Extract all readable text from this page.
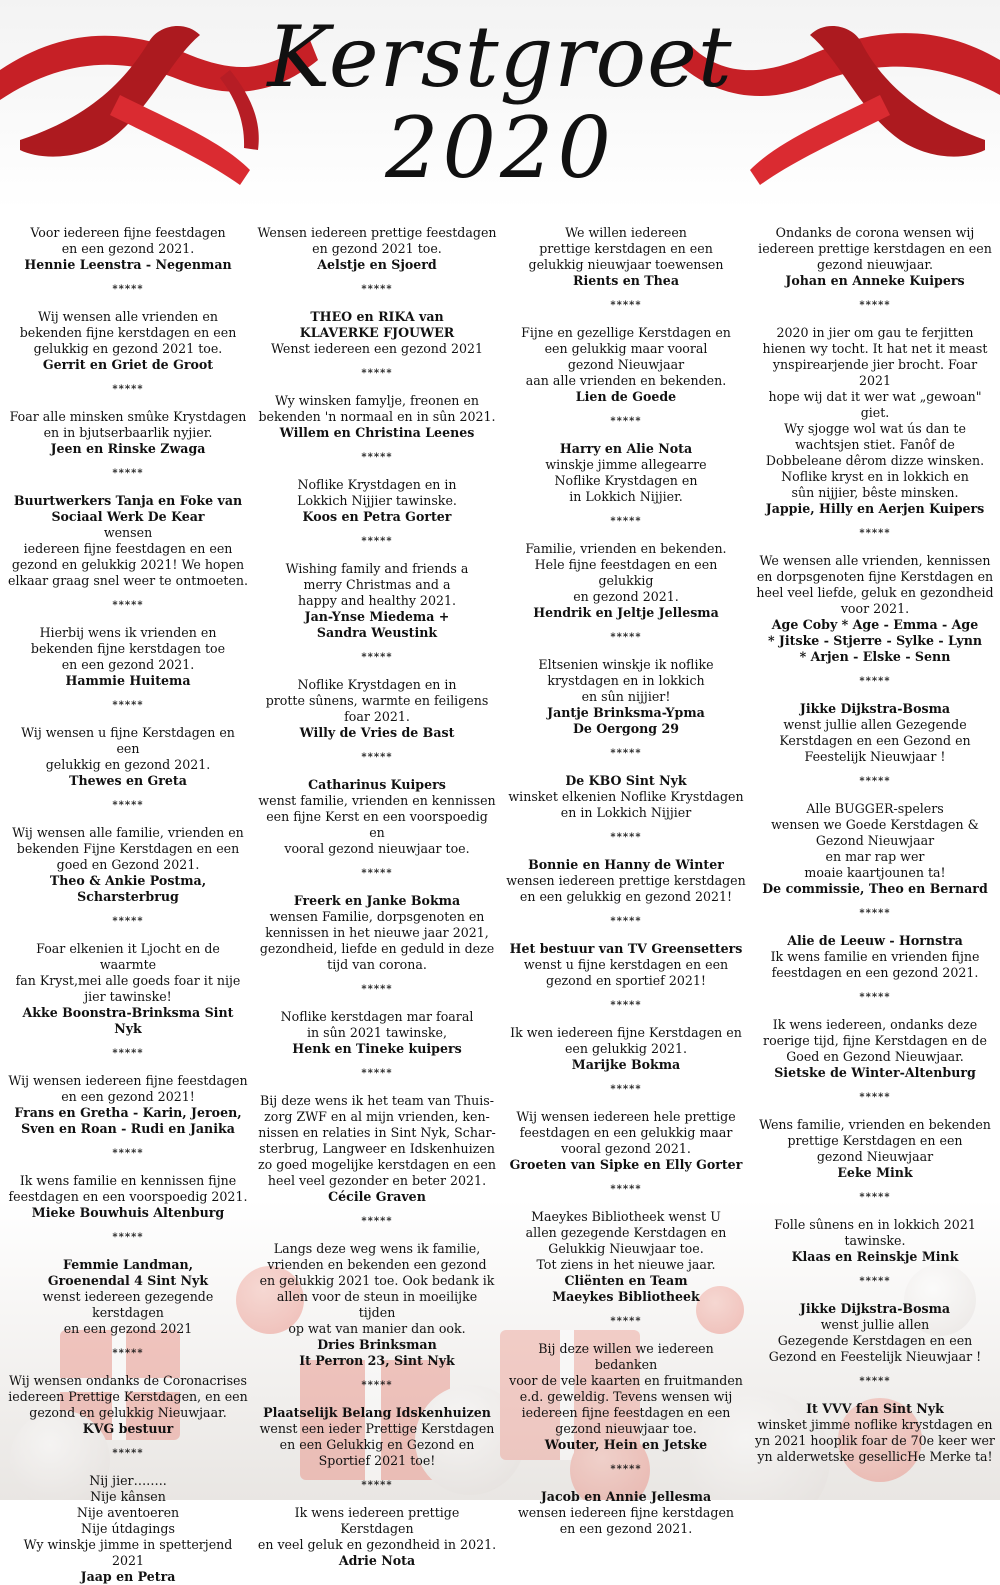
Kerstgroet
2020
Voor iedereen fijne feestdagen
en een gezond 2021.
Hennie Leenstra - Negenman
*****
Wij wensen alle vrienden en
bekenden fijne kerstdagen en een
gelukkig en gezond 2021 toe.
Gerrit en Griet de Groot
*****
Foar alle minsken smûke Krystdagen
en in bjutserbaarlik nyjier.
Jeen en Rinske Zwaga
*****
Buurtwerkers Tanja en Foke van
Sociaal Werk De Kear
wensen
iedereen fijne feestdagen en een
gezond en gelukkig 2021! We hopen
elkaar graag snel weer te ontmoeten.
*****
Hierbij wens ik vrienden en
bekenden fijne kerstdagen toe
en een gezond 2021.
Hammie Huitema
*****
Wij wensen u fijne Kerstdagen en een
gelukkig en gezond 2021.
Thewes en Greta
*****
Wij wensen alle familie, vrienden en
bekenden Fijne Kerstdagen en een
goed en Gezond 2021.
Theo & Ankie Postma, Scharsterbrug
*****
Foar elkenien it Ljocht en de waarmte
fan Kryst,mei alle goeds foar it nije
jier tawinske!
Akke Boonstra-Brinksma Sint Nyk
*****
Wij wensen iedereen fijne feestdagen
en een gezond 2021!
Frans en Gretha - Karin, Jeroen,
Sven en Roan - Rudi en Janika
*****
Ik wens familie en kennissen fijne
feestdagen en een voorspoedig 2021.
Mieke Bouwhuis Altenburg
*****
Femmie Landman,
Groenendal 4 Sint Nyk
wenst iedereen gezegende kerstdagen
en een gezond 2021
*****
Wij wensen ondanks de Coronacrises
iedereen Prettige Kerstdagen, en een
gezond en gelukkig Nieuwjaar.
KVG bestuur
*****
Nij jier……..
Nije kânsen
Nije aventoeren
Nije útdagings
Wy winskje jimme in spetterjend
2021
Jaap en Petra
Wensen iedereen prettige feestdagen
en gezond 2021 toe.
Aelstje en Sjoerd
*****
THEO en RIKA van
KLAVERKE FJOUWER
Wenst iedereen een gezond 2021
*****
Wy winsken famylje, freonen en
bekenden 'n normaal en in sûn 2021.
Willem en Christina Leenes
*****
Noflike Krystdagen en in
Lokkich Nijjier tawinske.
Koos en Petra Gorter
*****
Wishing family and friends a
merry Christmas and a
happy and healthy 2021.
Jan-Ynse Miedema +
Sandra Weustink
*****
Noflike Krystdagen en in
protte sûnens, warmte en feiligens
foar 2021.
Willy de Vries de Bast
*****
Catharinus Kuipers
wenst familie, vrienden en kennissen
een fijne Kerst en een voorspoedig en
vooral gezond nieuwjaar toe.
*****
Freerk en Janke Bokma
wensen Familie, dorpsgenoten en
kennissen in het nieuwe jaar 2021,
gezondheid, liefde en geduld in deze
tijd van corona.
*****
Noflike kerstdagen mar foaral
in sûn 2021 tawinske,
Henk en Tineke kuipers
*****
Bij deze wens ik het team van Thuis-
zorg ZWF en al mijn vrienden, ken-
nissen en relaties in Sint Nyk, Schar-
sterbrug, Langweer en Idskenhuizen
zo goed mogelijke kerstdagen en een
heel veel gezonder en beter 2021.
Cécile Graven
*****
Langs deze weg wens ik familie,
vrienden en bekenden een gezond
en gelukkig 2021 toe. Ook bedank ik
allen voor de steun in moeilijke tijden
op wat van manier dan ook.
Dries Brinksman
It Perron 23, Sint Nyk
*****
Plaatselijk Belang Idskenhuizen
wenst een ieder Prettige Kerstdagen
en een Gelukkig en Gezond en
Sportief 2021 toe!
*****
Ik wens iedereen prettige Kerstdagen
en veel geluk en gezondheid in 2021.
Adrie Nota
We willen iedereen
prettige kerstdagen en een
gelukkig nieuwjaar toewensen
Rients en Thea
*****
Fijne en gezellige Kerstdagen en
een gelukkig maar vooral
gezond Nieuwjaar
aan alle vrienden en bekenden.
Lien de Goede
*****
Harry en Alie Nota
winskje jimme allegearre
Noflike Krystdagen en
in Lokkich Nijjier.
*****
Familie, vrienden en bekenden.
Hele fijne feestdagen en een gelukkig
en gezond 2021.
Hendrik en Jeltje Jellesma
*****
Eltsenien winskje ik noflike
krystdagen en in lokkich
en sûn nijjier!
Jantje Brinksma-Ypma
De Oergong 29
*****
De KBO Sint Nyk
winsket elkenien Noflike Krystdagen
en in Lokkich Nijjier
*****
Bonnie en Hanny de Winter
wensen iedereen prettige kerstdagen
en een gelukkig en gezond 2021!
*****
Het bestuur van TV Greensetters
wenst u fijne kerstdagen en een
gezond en sportief 2021!
*****
Ik wen iedereen fijne Kerstdagen en
een gelukkig 2021.
Marijke Bokma
*****
Wij wensen iedereen hele prettige
feestdagen en een gelukkig maar
vooral gezond 2021.
Groeten van Sipke en Elly Gorter
*****
Maeykes Bibliotheek wenst U
allen gezegende Kerstdagen en
Gelukkig Nieuwjaar toe.
Tot ziens in het nieuwe jaar.
Cliënten en Team
Maeykes Bibliotheek
*****
Bij deze willen we iedereen bedanken
voor de vele kaarten en fruitmanden
e.d. geweldig. Tevens wensen wij
iedereen fijne feestdagen en een
gezond nieuwjaar toe.
Wouter, Hein en Jetske
*****
Jacob en Annie Jellesma
wensen iedereen fijne kerstdagen
en een gezond 2021.
Ondanks de corona wensen wij
iedereen prettige kerstdagen en een
gezond nieuwjaar.
Johan en Anneke Kuipers
*****
2020 in jier om gau te ferjitten
hienen wy tocht. It hat net it meast
ynspirearjende jier brocht. Foar 2021
hope wij dat it wer wat „gewoan" giet.
Wy sjogge wol wat ús dan te
wachtsjen stiet. Fanôf de
Dobbeleane dêrom dizze winsken.
Noflike kryst en in lokkich en
sûn nijjier, bêste minsken.
Jappie, Hilly en Aerjen Kuipers
*****
We wensen alle vrienden, kennissen
en dorpsgenoten fijne Kerstdagen en
heel veel liefde, geluk en gezondheid
voor 2021.
Age Coby * Age - Emma - Age
* Jitske - Stjerre - Sylke - Lynn
* Arjen - Elske - Senn
*****
Jikke Dijkstra-Bosma
wenst jullie allen Gezegende
Kerstdagen en een Gezond en
Feestelijk Nieuwjaar !
*****
Alle BUGGER-spelers
wensen we Goede Kerstdagen &
Gezond Nieuwjaar
en mar rap wer
moaie kaartjounen ta!
De commissie, Theo en Bernard
*****
Alie de Leeuw - Hornstra
Ik wens familie en vrienden fijne
feestdagen en een gezond 2021.
*****
Ik wens iedereen, ondanks deze
roerige tijd, fijne Kerstdagen en de
Goed en Gezond Nieuwjaar.
Sietske de Winter-Altenburg
*****
Wens familie, vrienden en bekenden
prettige Kerstdagen en een
gezond Nieuwjaar
Eeke Mink
*****
Folle sûnens en in lokkich 2021
tawinske.
Klaas en Reinskje Mink
*****
Jikke Dijkstra-Bosma
wenst jullie allen
Gezegende Kerstdagen en een
Gezond en Feestelijk Nieuwjaar !
*****
It VVV fan Sint Nyk
winsket jimme noflike krystdagen en
yn 2021 hooplik foar de 70e keer wer
yn alderwetske gesellicHe Merke ta!
